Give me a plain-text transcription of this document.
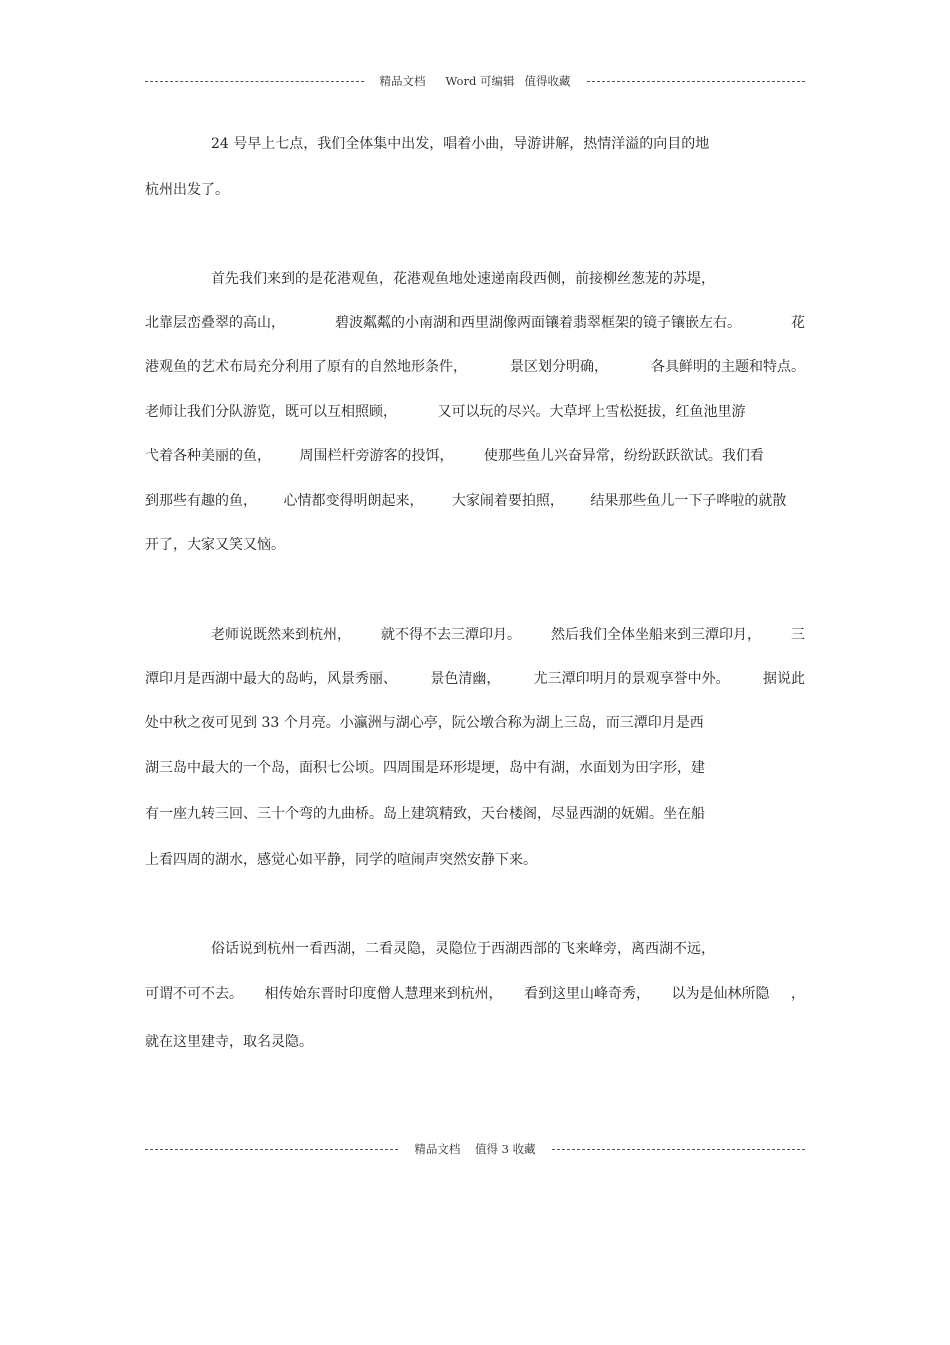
精品文档 Word 可编辑 值得收藏
24 号早上七点，我们全体集中出发，唱着小曲，导游讲解，热情洋溢的向目的地
杭州出发了。
首先我们来到的是花港观鱼，花港观鱼地处速递南段西侧，前接柳丝葱茏的苏堤，
北靠层峦叠翠的高山，	碧波粼粼的小南湖和西里湖像两面镶着翡翠框架的镜子镶嵌左右。	花
港观鱼的艺术布局充分利用了原有的自然地形条件，	景区划分明确，	各具鲜明的主题和特点。
老师让我们分队游览，既可以互相照顾，	又可以玩的尽兴。大草坪上雪松挺拔，红鱼池里游
弋着各种美丽的鱼， 周围栏杆旁游客的投饵， 使那些鱼儿兴奋异常，纷纷跃跃欲试。我们看
到那些有趣的鱼， 心情都变得明朗起来， 大家闹着要拍照， 结果那些鱼儿一下子哗啦的就散
开了，大家又笑又恼。
老师说既然来到杭州， 就不得不去三潭印月。 然后我们全体坐船来到三潭印月， 三
潭印月是西湖中最大的岛屿，风景秀丽、 景色清幽， 尤三潭印明月的景观享誉中外。 据说此
处中秋之夜可见到 33 个月亮。小瀛洲与湖心亭，阮公墩合称为湖上三岛，而三潭印月是西
湖三岛中最大的一个岛，面积七公顷。四周围是环形堤埂，岛中有湖，水面划为田字形，建
有一座九转三回、三十个弯的九曲桥。岛上建筑精致，天台楼阁，尽显西湖的妩媚。坐在船
上看四周的湖水，感觉心如平静，同学的喧闹声突然安静下来。
俗话说到杭州一看西湖，二看灵隐，灵隐位于西湖西部的飞来峰旁，离西湖不远，
可谓不可不去。 相传始东晋时印度僧人慧理来到杭州， 看到这里山峰奇秀， 以为是仙林所隐 ，
就在这里建寺，取名灵隐。
精品文档    值得 3 收藏
